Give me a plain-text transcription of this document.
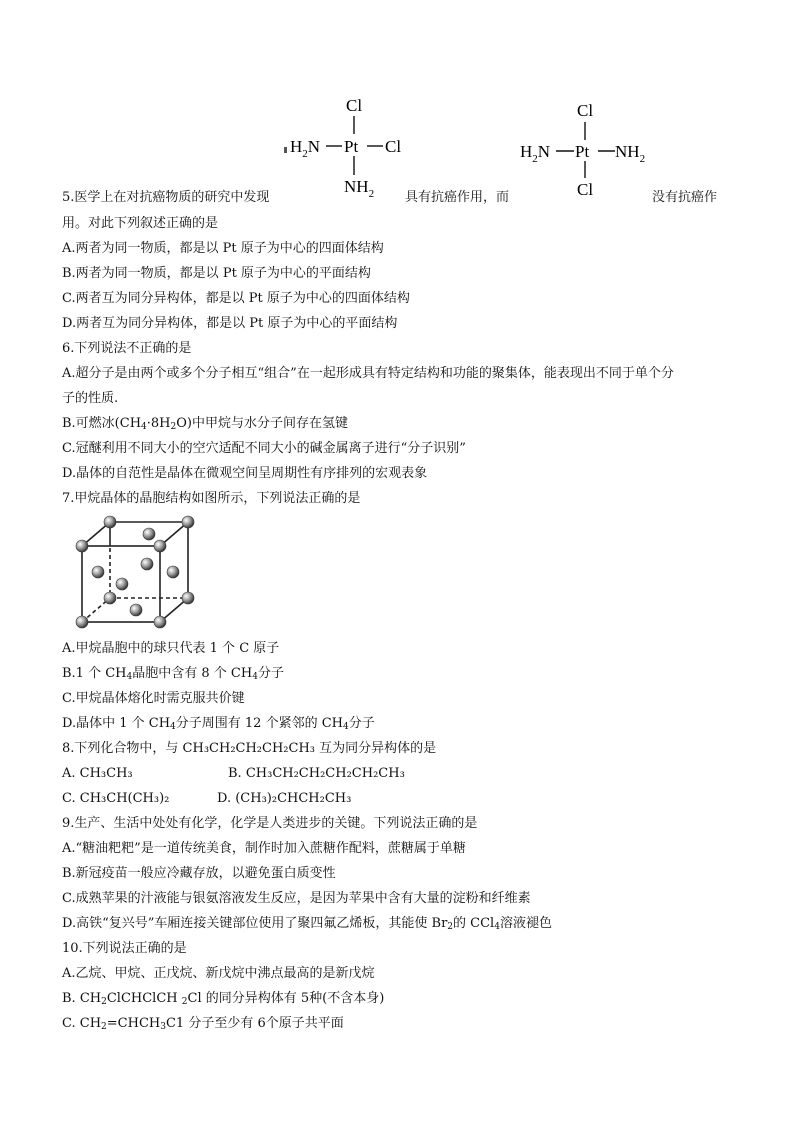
Cl
$H_2N$ Pt Cl
$NH_2$
Cl
$H_2N$ Pt $NH_2$
Cl
5.医学上在对抗癌物质的研究中发现	具有抗癌作用，而	没有抗癌作
用。对此下列叙述正确的是
A.两者为同一物质，都是以 Pt 原子为中心的四面体结构
B.两者为同一物质，都是以 Pt 原子为中心的平面结构
C.两者互为同分异构体，都是以 Pt 原子为中心的四面体结构
D.两者互为同分异构体，都是以 Pt 原子为中心的平面结构
6.下列说法不正确的是
A.超分子是由两个或多个分子相互“组合”在一起形成具有特定结构和功能的聚集体，能表现出不同于单个分
子的性质.
B.可燃冰$(CH_4\cdot 8H_2O)$中甲烷与水分子间存在氢键
C.冠醚利用不同大小的空穴适配不同大小的碱金属离子进行“分子识别”
D.晶体的自范性是晶体在微观空间呈周期性有序排列的宏观表象
7.甲烷晶体的晶胞结构如图所示，下列说法正确的是
A.甲烷晶胞中的球只代表 1 个 C 原子
B.1 个 $CH_4$晶胞中含有 8 个 $CH_4$分子
C.甲烷晶体熔化时需克服共价键
D.晶体中 1 个 $CH_4$分子周围有 12 个紧邻的 $CH_4$分子
8.下列化合物中，与 CH₃CH₂CH₂CH₂CH₃ 互为同分异构体的是
A. CH₃CH₃	B. CH₃CH₂CH₂CH₂CH₂CH₃
C. CH₃CH(CH₃)₂	D. (CH₃)₂CHCH₂CH₃
9.生产、生活中处处有化学，化学是人类进步的关键。下列说法正确的是
A.“糖油粑粑”是一道传统美食，制作时加入蔗糖作配料，蔗糖属于单糖
B.新冠疫苗一般应冷藏存放，以避免蛋白质变性
C.成熟苹果的汁液能与银氨溶液发生反应，是因为苹果中含有大量的淀粉和纤维素
D.高铁“复兴号”车厢连接关键部位使用了聚四氟乙烯板，其能使 $Br_2$的 CCl$_4$溶液褪色
10.下列说法正确的是
A.乙烷、甲烷、正戊烷、新戊烷中沸点最高的是新戊烷
B. $CH_2ClCHClCH$ $_2$Cl 的同分异构体有 5种(不含本身)
C. $CH_2=CHCH_3C1$ 分子至少有 6个原子共平面
